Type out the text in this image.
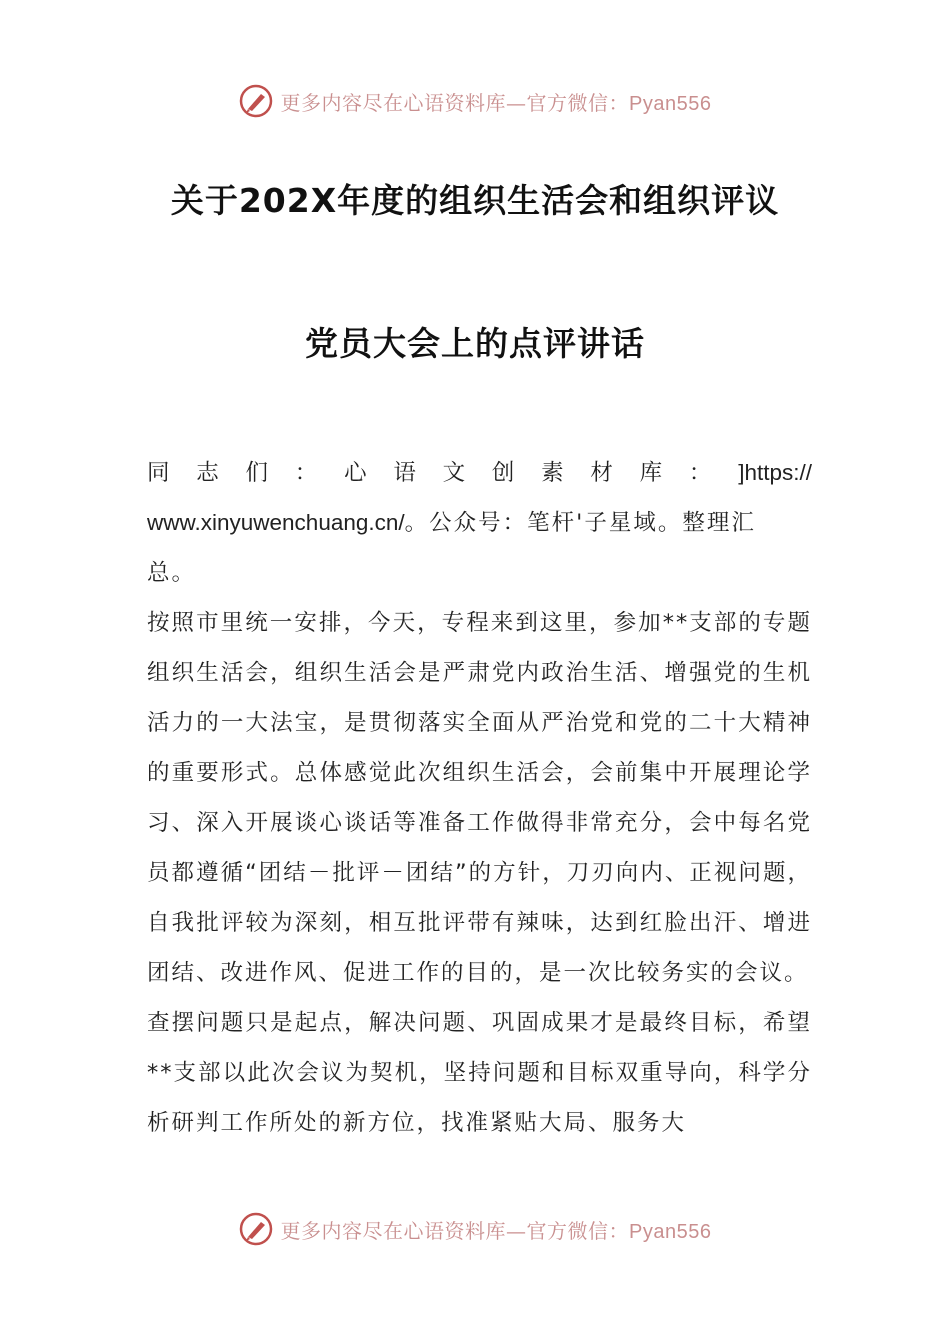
更多内容尽在心语资料库—官方微信：Pyan556
关于202X年度的组织生活会和组织评议
党员大会上的点评讲话
同 志 们 ： 心 语 文 创 素 材 库 ： ]https://
www.xinyuwenchuang.cn/。公众号：笔杆'子星域。整理汇
总。

按照市里统一安排，今天，专程来到这里，参加**支部的专题组织生活会，组织生活会是严肃党内政治生活、增强党的生机活力的一大法宝，是贯彻落实全面从严治党和党的二十大精神的重要形式。总体感觉此次组织生活会，会前集中开展理论学习、深入开展谈心谈话等准备工作做得非常充分，会中每名党员都遵循“团结－批评－团结”的方针，刀刃向内、正视问题，自我批评较为深刻，相互批评带有辣味，达到红脸出汗、增进团结、改进作风、促进工作的目的，是一次比较务实的会议。

查摆问题只是起点，解决问题、巩固成果才是最终目标，希望**支部以此次会议为契机，坚持问题和目标双重导向，科学分析研判工作所处的新方位，找准紧贴大局、服务大

更多内容尽在心语资料库—官方微信：Pyan556
